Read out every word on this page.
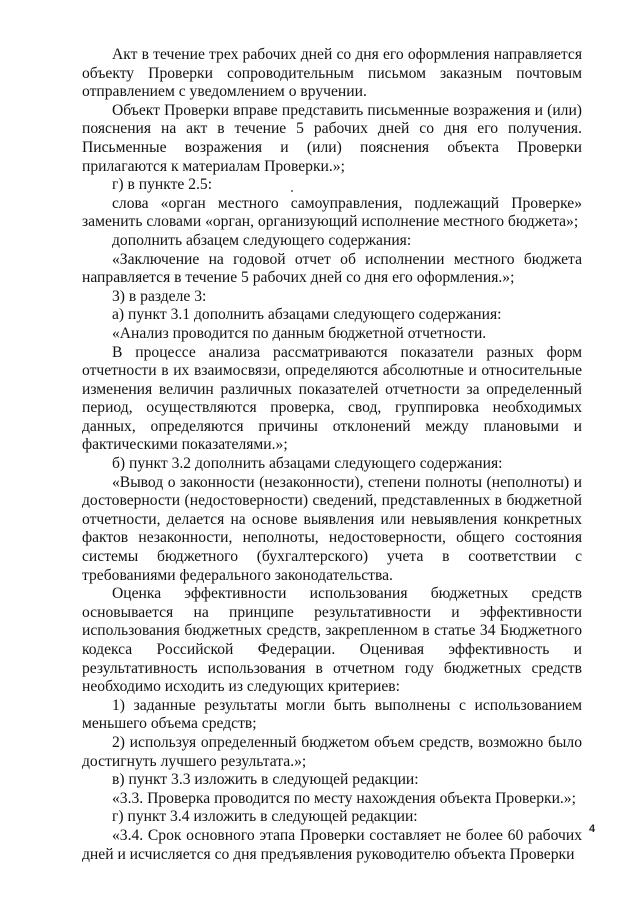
Акт в течение трех рабочих дней со дня его оформления направляется объекту Проверки сопроводительным письмом заказным почтовым отправлением с уведомлением о вручении.

Объект Проверки вправе представить письменные возражения и (или) пояснения на акт в течение 5 рабочих дней со дня его получения. Письменные возражения и (или) пояснения объекта Проверки прилагаются к материалам Проверки.»;

г) в пункте 2.5:

слова «орган местного самоуправления, подлежащий Проверке» заменить словами «орган, организующий исполнение местного бюджета»;

дополнить абзацем следующего содержания:

«Заключение на годовой отчет об исполнении местного бюджета направляется в течение 5 рабочих дней со дня его оформления.»;

3) в разделе 3:

а) пункт 3.1 дополнить абзацами следующего содержания:

«Анализ проводится по данным бюджетной отчетности.

В процессе анализа рассматриваются показатели разных форм отчетности в их взаимосвязи, определяются абсолютные и относительные изменения величин различных показателей отчетности за определенный период, осуществляются проверка, свод, группировка необходимых данных, определяются причины отклонений между плановыми и фактическими показателями.»;

б) пункт 3.2 дополнить абзацами следующего содержания:

«Вывод о законности (незаконности), степени полноты (неполноты) и достоверности (недостоверности) сведений, представленных в бюджетной отчетности, делается на основе выявления или невыявления конкретных фактов незаконности, неполноты, недостоверности, общего состояния системы бюджетного (бухгалтерского) учета в соответствии с требованиями федерального законодательства.

Оценка эффективности использования бюджетных средств основывается на принципе результативности и эффективности использования бюджетных средств, закрепленном в статье 34 Бюджетного кодекса Российской Федерации. Оценивая эффективность и результативность использования в отчетном году бюджетных средств необходимо исходить из следующих критериев:

1) заданные результаты могли быть выполнены с использованием меньшего объема средств;

2) используя определенный бюджетом объем средств, возможно было достигнуть лучшего результата.»;

в) пункт 3.3 изложить в следующей редакции:

«3.3. Проверка проводится по месту нахождения объекта Проверки.»;

г) пункт 3.4 изложить в следующей редакции:

«3.4. Срок основного этапа Проверки составляет не более 60 рабочих дней и исчисляется со дня предъявления руководителю объекта Проверки

4
